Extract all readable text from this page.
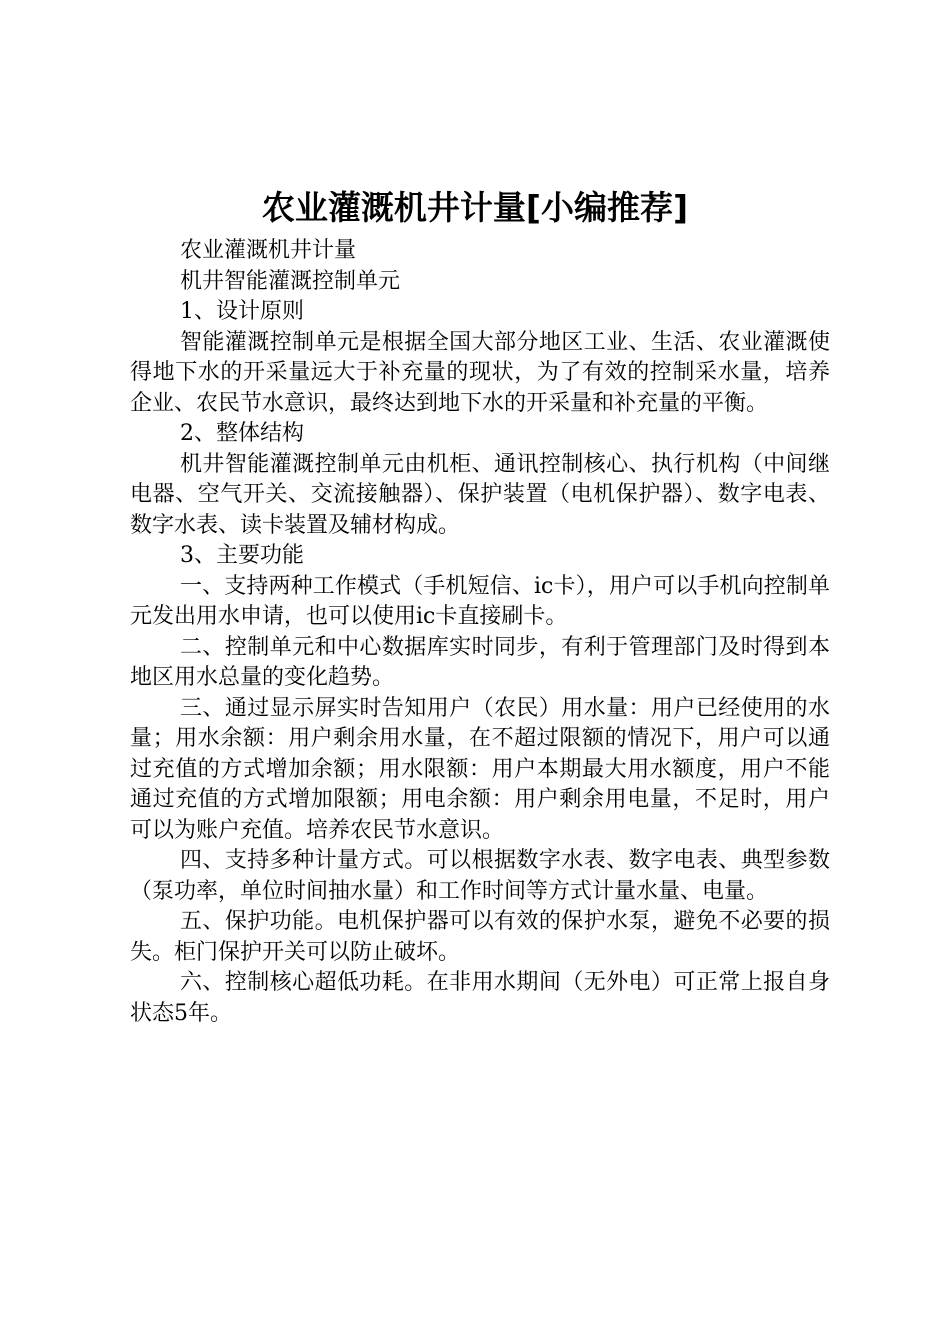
农业灌溉机井计量[小编推荐]

农业灌溉机井计量

机井智能灌溉控制单元

1、设计原则

智能灌溉控制单元是根据全国大部分地区工业、生活、农业灌溉使得地下水的开采量远大于补充量的现状，为了有效的控制采水量，培养企业、农民节水意识，最终达到地下水的开采量和补充量的平衡。

2、整体结构

机井智能灌溉控制单元由机柜、通讯控制核心、执行机构（中间继电器、空气开关、交流接触器）、保护装置（电机保护器）、数字电表、数字水表、读卡装置及辅材构成。

3、主要功能

一、支持两种工作模式（手机短信、ic卡），用户可以手机向控制单元发出用水申请，也可以使用ic卡直接刷卡。

二、控制单元和中心数据库实时同步，有利于管理部门及时得到本地区用水总量的变化趋势。

三、通过显示屏实时告知用户（农民）用水量：用户已经使用的水量；用水余额：用户剩余用水量，在不超过限额的情况下，用户可以通过充值的方式增加余额；用水限额：用户本期最大用水额度，用户不能通过充值的方式增加限额；用电余额：用户剩余用电量，不足时，用户可以为账户充值。培养农民节水意识。

四、支持多种计量方式。可以根据数字水表、数字电表、典型参数（泵功率，单位时间抽水量）和工作时间等方式计量水量、电量。

五、保护功能。电机保护器可以有效的保护水泵，避免不必要的损失。柜门保护开关可以防止破坏。

六、控制核心超低功耗。在非用水期间（无外电）可正常上报自身状态5年。
